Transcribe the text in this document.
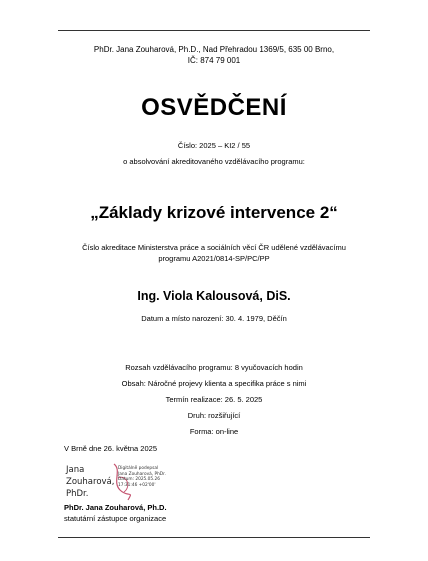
PhDr. Jana Zouharová, Ph.D., Nad Přehradou 1369/5, 635 00 Brno,
IČ: 874 79 001
OSVĚDČENÍ
Číslo: 2025 – KI2 / 55
o absolvování akreditovaného vzdělávacího programu:
„Základy krizové intervence 2“
Číslo akreditace Ministerstva práce a sociálních věcí ČR udělené vzdělávacímu
programu A2021/0814-SP/PC/PP
Ing. Viola Kalousová, DiS.
Datum a místo narození: 30. 4. 1979, Děčín
Rozsah vzdělávacího programu: 8 vyučovacích hodin
Obsah: Náročné projevy klienta a specifika práce s nimi
Termín realizace: 26. 5. 2025
Druh: rozšiřující
Forma: on-line
V Brně dne 26. května 2025
Jana
Zouharová,
PhDr.
Digitálně podepsal
Jana Zouharová, PhDr.
Datum: 2025.05.26
17:31:46 +02'00'
PhDr. Jana Zouharová, Ph.D.
statutární zástupce organizace
